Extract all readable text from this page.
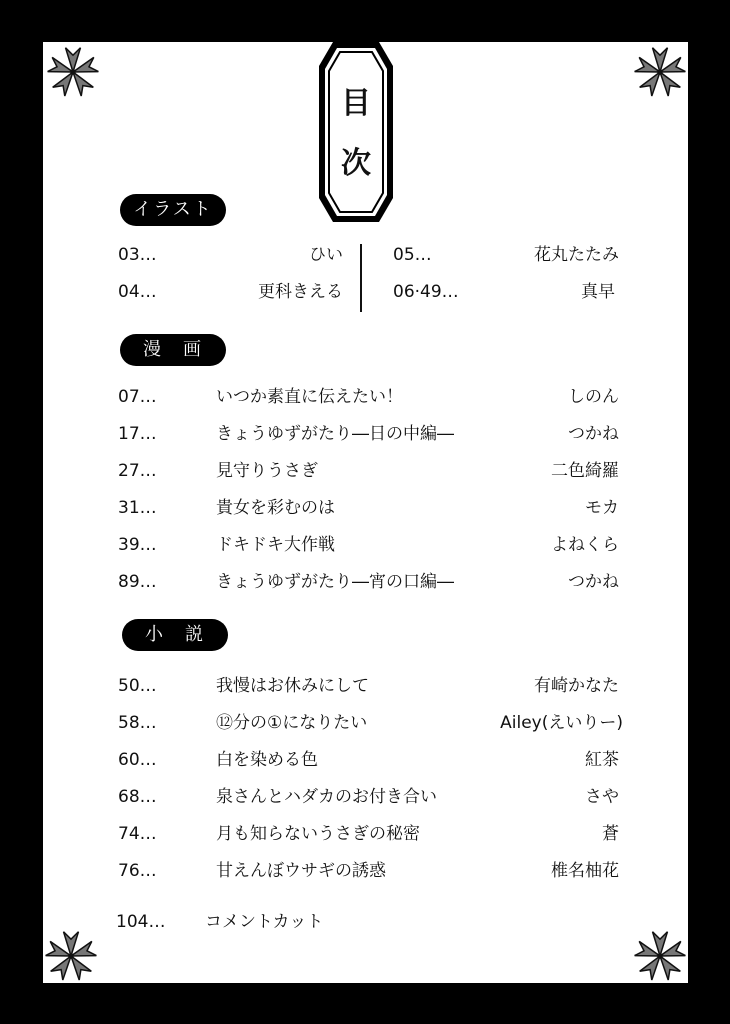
目
次
イラスト
03…	ひい	05…	花丸たたみ
04…	更科きえる	06·49…	真早
漫　画
07…	いつか素直に伝えたい！	しのん
17…	きょうゆずがたり―日の中編―	つかね
27…	見守りうさぎ	二色綺羅
31…	貴女を彩むのは	モカ
39…	ドキドキ大作戦	よねくら
89…	きょうゆずがたり―宵の口編―	つかね
小　説
50…	我慢はお休みにして	有崎かなた
58…	⑫分の①になりたい	Ailey(えいりー)
60…	白を染める色	紅茶
68…	泉さんとハダカのお付き合い	さや
74…	月も知らないうさぎの秘密	蒼
76…	甘えんぼウサギの誘惑	椎名柚花
104… コメントカット
